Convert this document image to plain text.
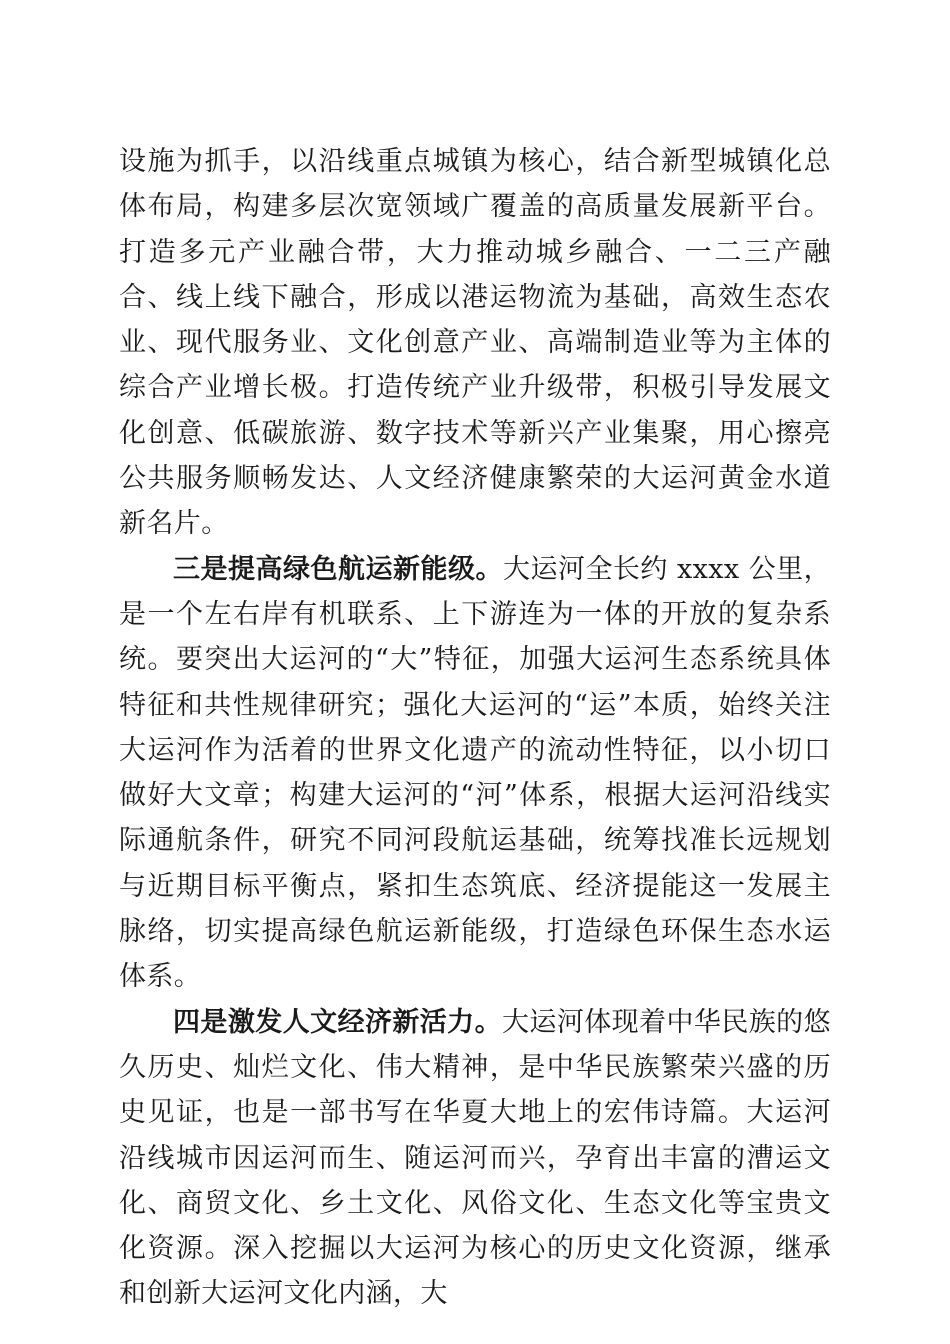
设施为抓手，以沿线重点城镇为核心，结合新型城镇化总体布局，构建多层次宽领域广覆盖的高质量发展新平台。打造多元产业融合带，大力推动城乡融合、一二三产融合、线上线下融合，形成以港运物流为基础，高效生态农业、现代服务业、文化创意产业、高端制造业等为主体的综合产业增长极。打造传统产业升级带，积极引导发展文化创意、低碳旅游、数字技术等新兴产业集聚，用心擦亮公共服务顺畅发达、人文经济健康繁荣的大运河黄金水道新名片。

三是提高绿色航运新能级。大运河全长约 xxxx 公里，是一个左右岸有机联系、上下游连为一体的开放的复杂系统。要突出大运河的“大”特征，加强大运河生态系统具体特征和共性规律研究；强化大运河的“运”本质，始终关注大运河作为活着的世界文化遗产的流动性特征，以小切口做好大文章；构建大运河的“河”体系，根据大运河沿线实际通航条件，研究不同河段航运基础，统筹找准长远规划与近期目标平衡点，紧扣生态筑底、经济提能这一发展主脉络，切实提高绿色航运新能级，打造绿色环保生态水运体系。

四是激发人文经济新活力。大运河体现着中华民族的悠久历史、灿烂文化、伟大精神，是中华民族繁荣兴盛的历史见证，也是一部书写在华夏大地上的宏伟诗篇。大运河沿线城市因运河而生、随运河而兴，孕育出丰富的漕运文化、商贸文化、乡土文化、风俗文化、生态文化等宝贵文化资源。深入挖掘以大运河为核心的历史文化资源，继承和创新大运河文化内涵，大
